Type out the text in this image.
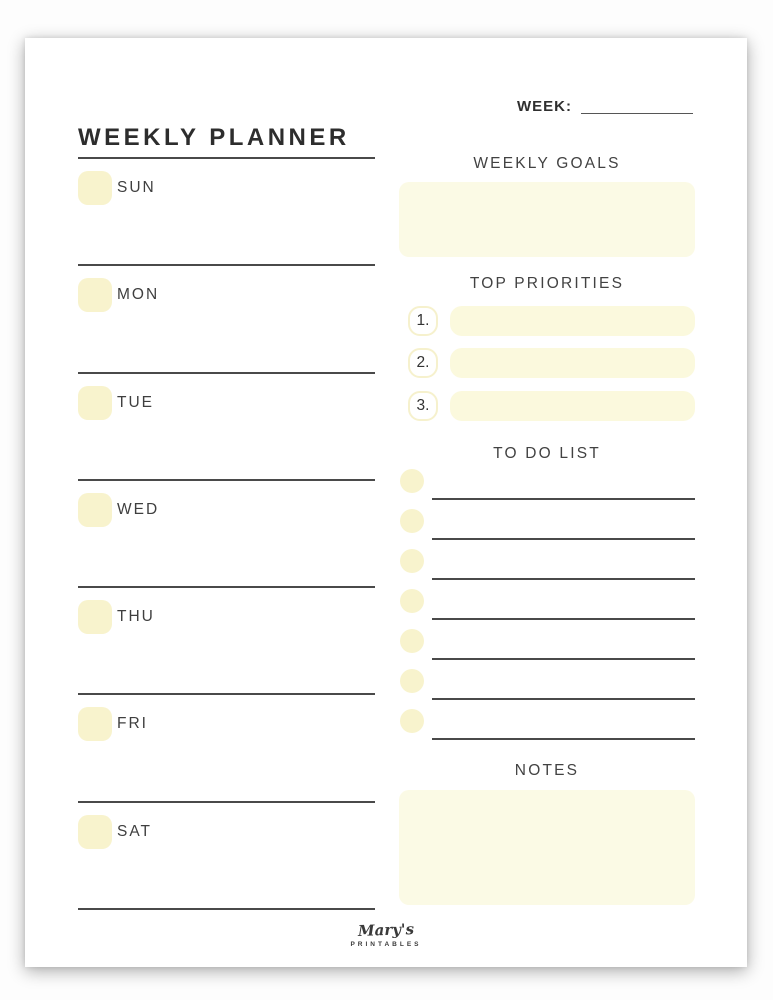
WEEKLY PLANNER
WEEK:
SUN
MON
TUE
WED
THU
FRI
SAT
WEEKLY GOALS
TOP PRIORITIES
1.
2.
3.
TO DO LIST
NOTES
Mary's
PRINTABLES
